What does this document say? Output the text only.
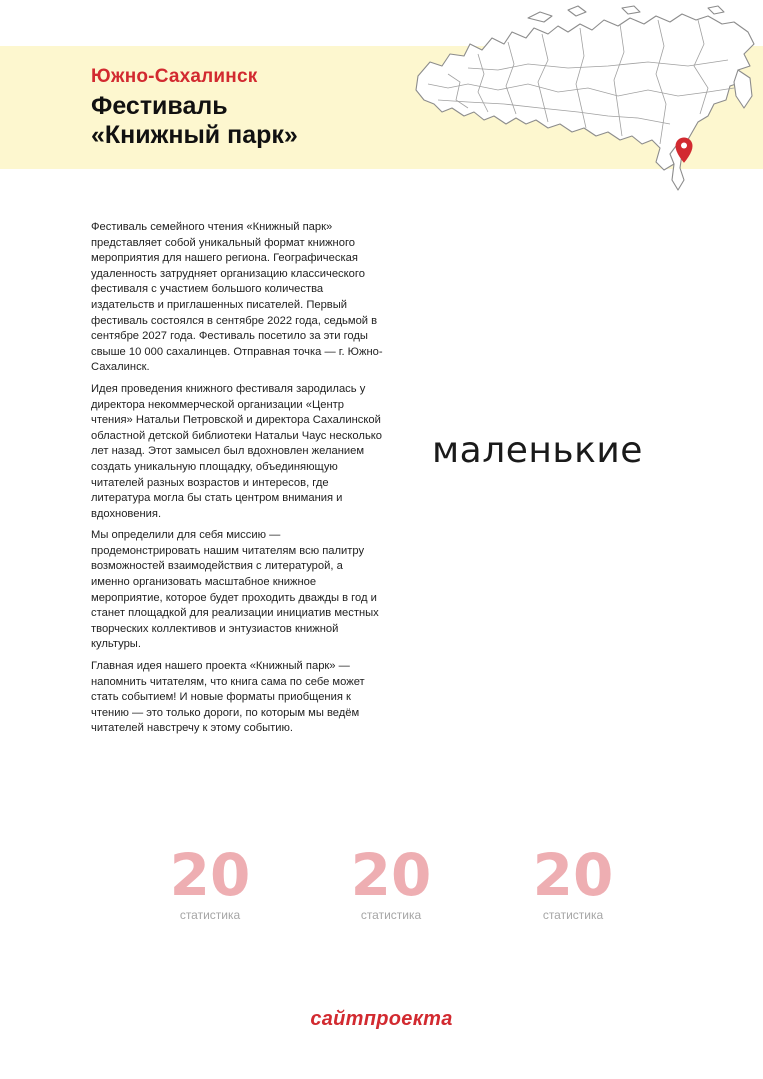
Южно-Сахалинск
Фестиваль
«Книжный парк»

Фестиваль семейного чтения «Книжный парк» представляет собой уникальный формат книжного мероприятия для нашего региона. Географическая удаленность затрудняет организацию классического фестиваля с участием большого количества издательств и приглашенных писателей. Первый фестиваль состоялся в сентябре 2022 года, седьмой в сентябре 2027 года. Фестиваль посетило за эти годы свыше 10 000 сахалинцев. Отправная точка — г. Южно-Сахалинск.

Идея проведения книжного фестиваля зародилась у директора некоммерческой организации «Центр чтения» Натальи Петровской и директора Сахалинской областной детской библиотеки Натальи Чаус несколько лет назад. Этот замысел был вдохновлен желанием создать уникальную площадку, объединяющую читателей разных возрастов и интересов, где литература могла бы стать центром внимания и вдохновения.

Мы определили для себя миссию — продемонстрировать нашим читателям всю палитру возможностей взаимодействия с литературой, а именно организовать масштабное книжное мероприятие, которое будет проходить дважды в год и станет площадкой для реализации инициатив местных творческих коллективов и энтузиастов книжной культуры.

Главная идея нашего проекта «Книжный парк» — напомнить читателям, что книга сама по себе может стать событием! И новые форматы приобщения к чтению — это только дороги, по которым мы ведём читателей навстречу к этому событию.

маленькие
20
статистика
20
статистика
20
статистика
сайтпроекта
